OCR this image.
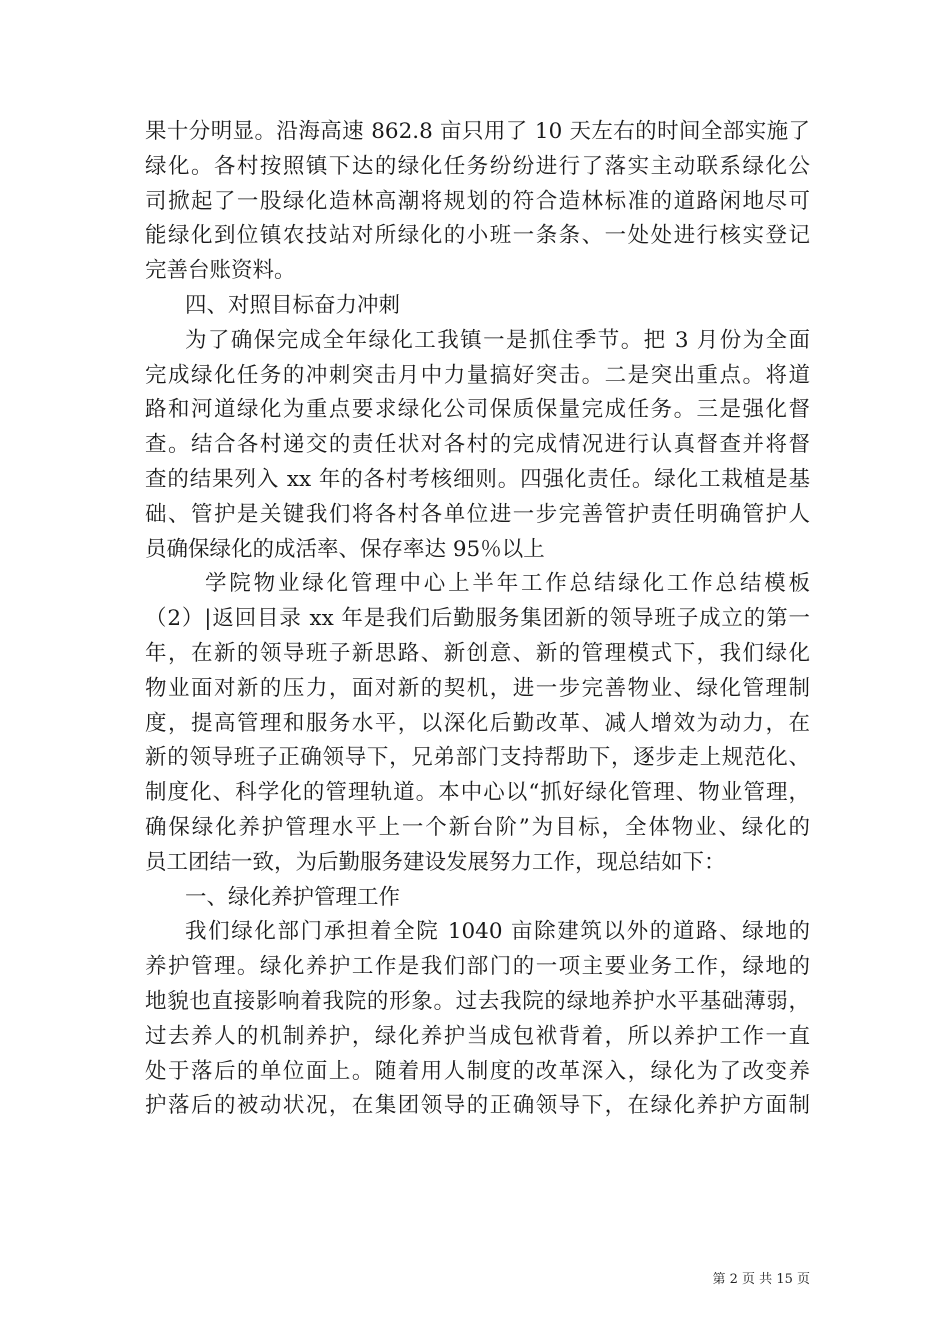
果十分明显。沿海高速 862.8 亩只用了 10 天左右的时间全部实施了
绿化。各村按照镇下达的绿化任务纷纷进行了落实主动联系绿化公
司掀起了一股绿化造林高潮将规划的符合造林标准的道路闲地尽可
能绿化到位镇农技站对所绿化的小班一条条、一处处进行核实登记
完善台账资料。
四、对照目标奋力冲刺
为了确保完成全年绿化工我镇一是抓住季节。把 3 月份为全面
完成绿化任务的冲刺突击月中力量搞好突击。二是突出重点。将道
路和河道绿化为重点要求绿化公司保质保量完成任务。三是强化督
查。结合各村递交的责任状对各村的完成情况进行认真督查并将督
查的结果列入 xx 年的各村考核细则。四强化责任。绿化工栽植是基
础、管护是关键我们将各村各单位进一步完善管护责任明确管护人
员确保绿化的成活率、保存率达 95％以上
学院物业绿化管理中心上半年工作总结绿化工作总结模板
（2）|返回目录 xx 年是我们后勤服务集团新的领导班子成立的第一
年，在新的领导班子新思路、新创意、新的管理模式下，我们绿化
物业面对新的压力，面对新的契机，进一步完善物业、绿化管理制
度，提高管理和服务水平，以深化后勤改革、减人增效为动力，在
新的领导班子正确领导下，兄弟部门支持帮助下，逐步走上规范化、
制度化、科学化的管理轨道。本中心以“抓好绿化管理、物业管理，
确保绿化养护管理水平上一个新台阶”为目标，全体物业、绿化的
员工团结一致，为后勤服务建设发展努力工作，现总结如下：
一、绿化养护管理工作
我们绿化部门承担着全院 1040 亩除建筑以外的道路、绿地的
养护管理。绿化养护工作是我们部门的一项主要业务工作，绿地的
地貌也直接影响着我院的形象。过去我院的绿地养护水平基础薄弱，
过去养人的机制养护，绿化养护当成包袱背着，所以养护工作一直
处于落后的单位面上。随着用人制度的改革深入，绿化为了改变养
护落后的被动状况，在集团领导的正确领导下，在绿化养护方面制
第 2 页 共 15 页
